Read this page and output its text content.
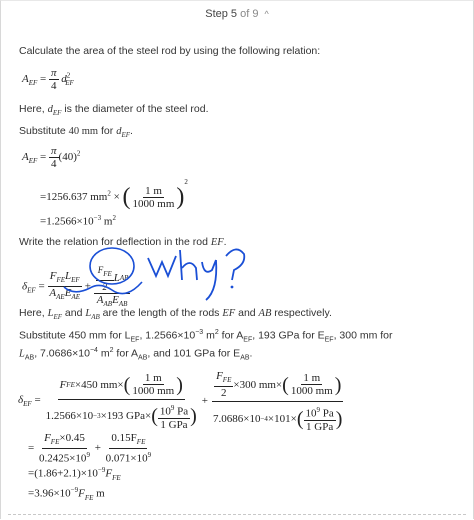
Step 5 of 9 ^
Calculate the area of the steel rod by using the following relation:
$A_{EF} = \frac{\pi}{4} d^2_{EF}$
Here, $d_{EF}$ is the diameter of the steel rod.
Substitute 40 mm for $d_{EF}$.
$A_{EF} = \frac{\pi}{4} (40)^2$
=1256.637 $mm^2$ × ( $\frac{1 m}{1000 mm} )^2$
$=1.2566\times 10^{-3}$ $m^2$
Write the relation for deflection in the rod EF.
$\delta_{EF} = \frac{F_{FE}L_{EF}}{A_{AE}E_{AE}} + \frac{\frac{F_{FE}}{2} L AB}{A_{AB}E_{AB}}$
why?
Here, $L_{EF}$ and $L_{AB}$ are the length of the rods EF and AB respectively.
Substitute 450 mm for $L_{EF}$, $1.2566\times 10^{-3}$ $m^2$ for $A_{EF}$, 193 GPa for $E_{EF}$, 300 mm for
$L_{AB}$, $7.0686\times 10^{-4}$ $m^2$ for $A_{AB}$, and 101 GPa for $E_{AB}$.
$\delta_{EF} = \frac{F FE \times 450 mm\times ( \frac{1 m}{1000 mm} )}{1.2566\times 10 -3 \times 193 GPa\times ( \frac{10^9 Pa}{\text{1 GPa}} )} + \frac{\frac{F_{FE}}{2} \times 300 mm\times ( \frac{1 m}{1000 mm} )}{7.0686\times 10 -4 \times 101\times ( \frac{10^9 Pa}{\text{1 GPa}} )}$
= $\frac{F_{FE}\times 0.45}{0.2425\times 10^9} + \frac{0.15F_{FE}}{0.071\times 10^9}$
$=(1.86+2.1)\times 10^{-9}F_{FE}$
$=3.96\times 10^{-9}F_{FE}$ m
